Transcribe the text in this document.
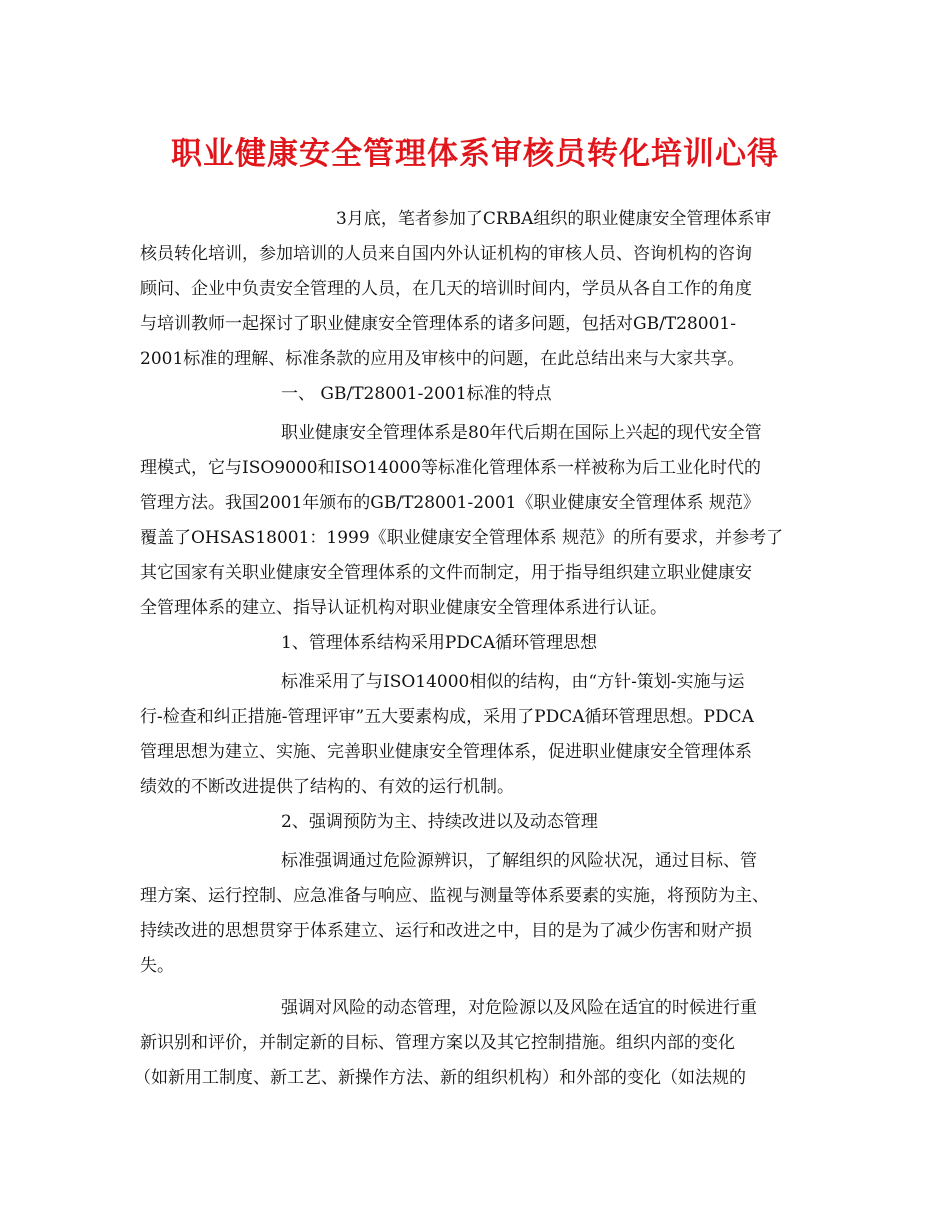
职业健康安全管理体系审核员转化培训心得
3月底，笔者参加了CRBA组织的职业健康安全管理体系审
核员转化培训，参加培训的人员来自国内外认证机构的审核人员、咨询机构的咨询
顾问、企业中负责安全管理的人员，在几天的培训时间内，学员从各自工作的角度
与培训教师一起探讨了职业健康安全管理体系的诸多问题，包括对GB/T28001-
2001标准的理解、标准条款的应用及审核中的问题，在此总结出来与大家共享。
一、 GB/T28001-2001标准的特点
职业健康安全管理体系是80年代后期在国际上兴起的现代安全管
理模式，它与ISO9000和ISO14000等标准化管理体系一样被称为后工业化时代的
管理方法。我国2001年颁布的GB/T28001-2001《职业健康安全管理体系 规范》
覆盖了OHSAS18001：1999《职业健康安全管理体系 规范》的所有要求，并参考了
其它国家有关职业健康安全管理体系的文件而制定，用于指导组织建立职业健康安
全管理体系的建立、指导认证机构对职业健康安全管理体系进行认证。
1、管理体系结构采用PDCA循环管理思想
标准采用了与ISO14000相似的结构，由“方针-策划-实施与运
行-检查和纠正措施-管理评审”五大要素构成，采用了PDCA循环管理思想。PDCA
管理思想为建立、实施、完善职业健康安全管理体系，促进职业健康安全管理体系
绩效的不断改进提供了结构的、有效的运行机制。
2、强调预防为主、持续改进以及动态管理
标准强调通过危险源辨识，了解组织的风险状况，通过目标、管
理方案、运行控制、应急准备与响应、监视与测量等体系要素的实施，将预防为主、
持续改进的思想贯穿于体系建立、运行和改进之中，目的是为了减少伤害和财产损
失。
强调对风险的动态管理，对危险源以及风险在适宜的时候进行重
新识别和评价，并制定新的目标、管理方案以及其它控制措施。组织内部的变化
（如新用工制度、新工艺、新操作方法、新的组织机构）和外部的变化（如法规的
